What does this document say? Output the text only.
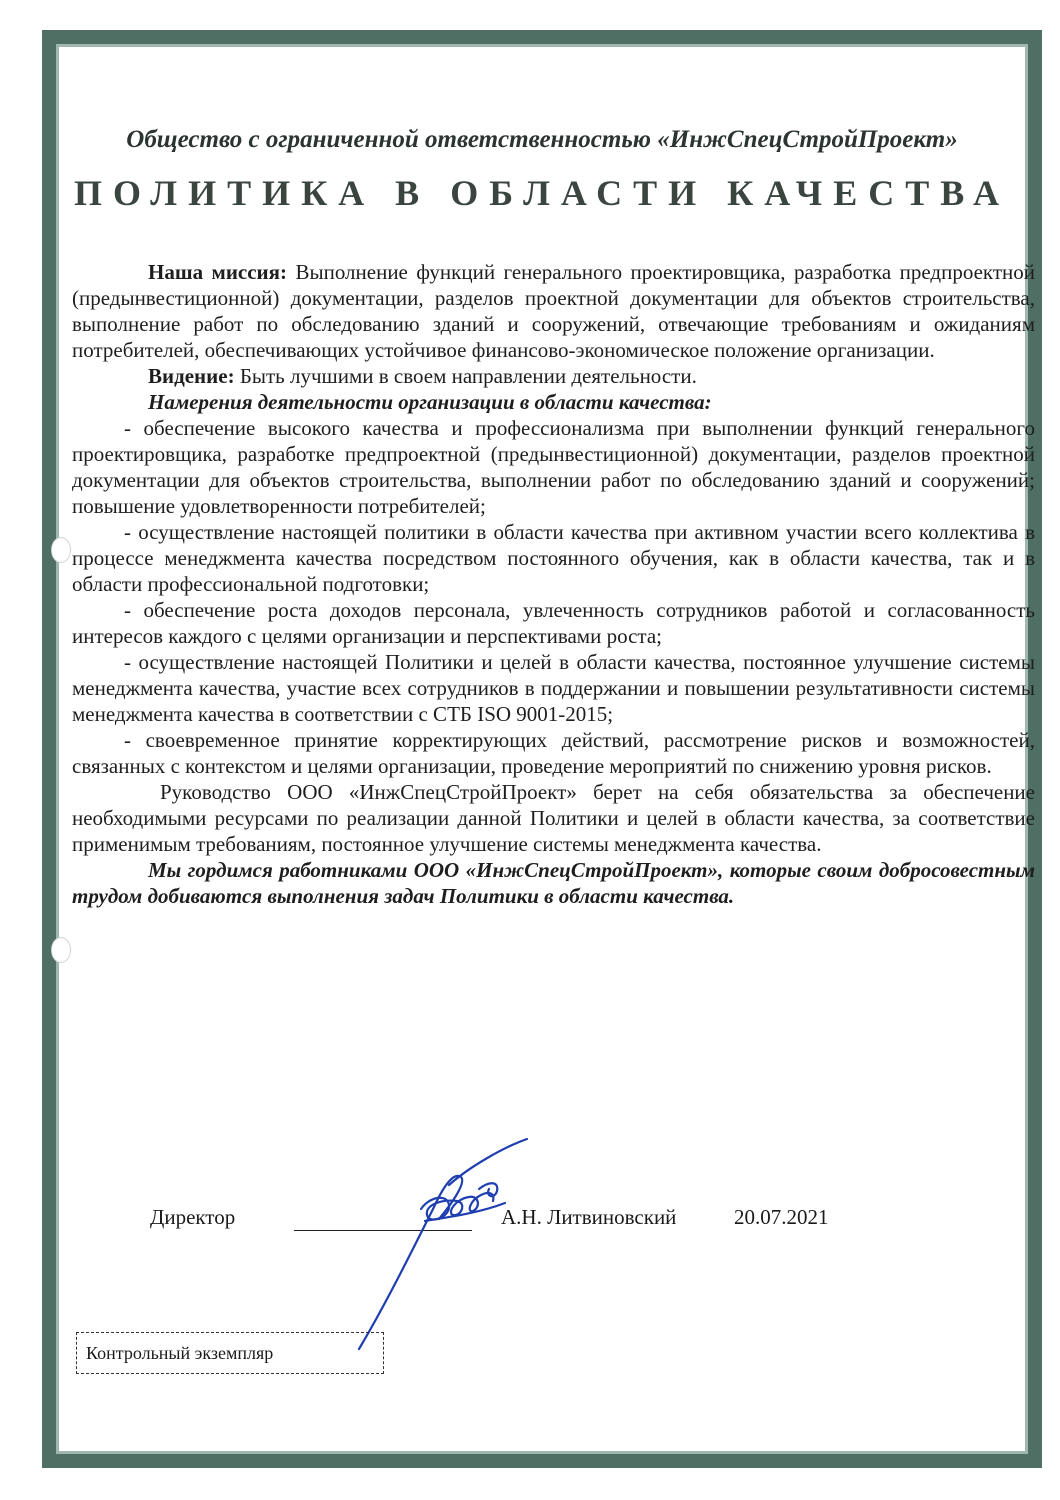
Общество с ограниченной ответственностью «ИнжСпецСтройПроект»
ПОЛИТИКА В ОБЛАСТИ КАЧЕСТВА

Наша миссия: Выполнение функций генерального проектировщика, разработка предпроектной (предынвестиционной) документации, разделов проектной документации для объектов строительства, выполнение работ по обследованию зданий и сооружений, отвечающие требованиям и ожиданиям потребителей, обеспечивающих устойчивое финансово-экономическое положение организации.

Видение: Быть лучшими в своем направлении деятельности.

Намерения деятельности организации в области качества:

- обеспечение высокого качества и профессионализма при выполнении функций генерального проектировщика, разработке предпроектной (предынвестиционной) документации, разделов проектной документации для объектов строительства, выполнении работ по обследованию зданий и сооружений; повышение удовлетворенности потребителей;

- осуществление настоящей политики в области качества при активном участии всего коллектива в процессе менеджмента качества посредством постоянного обучения, как в области качества, так и в области профессиональной подготовки;

- обеспечение роста доходов персонала, увлеченность сотрудников работой и согласованность интересов каждого с целями организации и перспективами роста;

- осуществление настоящей Политики и целей в области качества, постоянное улучшение системы менеджмента качества, участие всех сотрудников в поддержании и повышении результативности системы менеджмента качества в соответствии с СТБ ISO 9001-2015;

- своевременное принятие корректирующих действий, рассмотрение рисков и возможностей, связанных с контекстом и целями организации, проведение мероприятий по снижению уровня рисков.

Руководство ООО «ИнжСпецСтройПроект» берет на себя обязательства за обеспечение необходимыми ресурсами по реализации данной Политики и целей в области качества, за соответствие применимым требованиям, постоянное улучшение системы менеджмента качества.

Мы гордимся работниками ООО «ИнжСпецСтройПроект», которые своим добросовестным трудом добиваются выполнения задач Политики в области качества.

Директор	А.Н. Литвиновский	20.07.2021
Контрольный экземпляр
